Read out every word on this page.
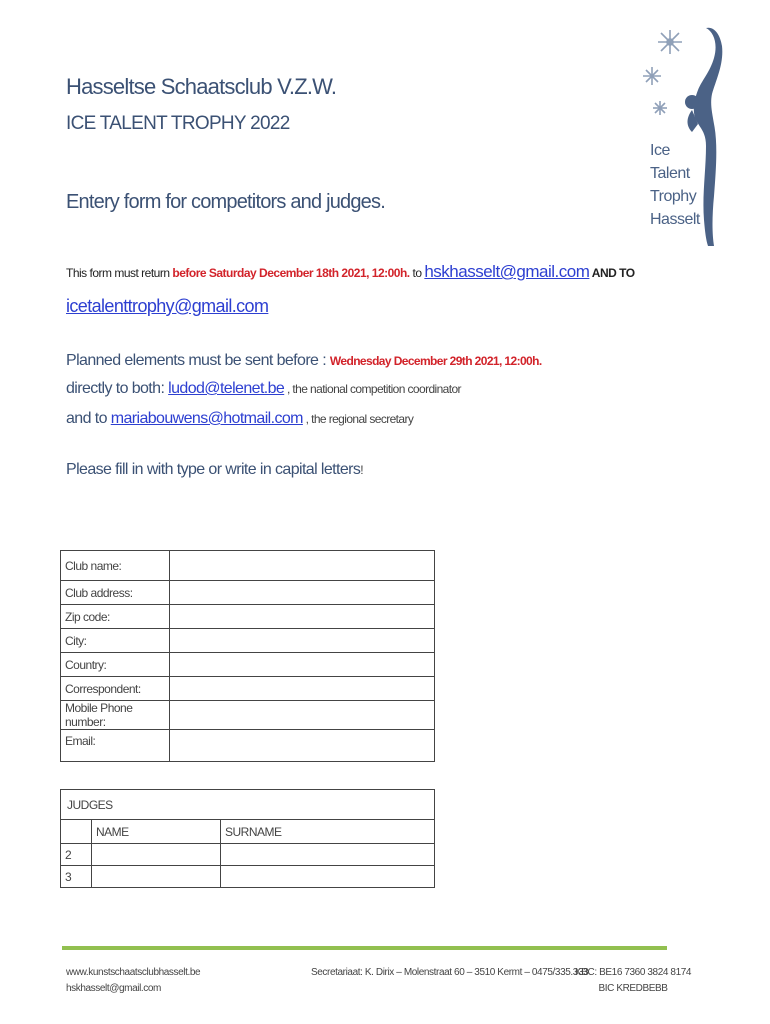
Ice
Talent
Trophy
Hasselt
Hasseltse Schaatsclub V.Z.W.
ICE TALENT TROPHY 2022
Entery form for competitors and judges.
This form must return before Saturday December 18th 2021, 12:00h. to hskhasselt@gmail.com AND TO
icetalenttrophy@gmail.com
Planned elements must be sent before : Wednesday December 29th 2021, 12:00h.
directly to both: ludod@telenet.be , the national competition coordinator
and to mariabouwens@hotmail.com , the regional secretary
Please fill in with type or write in capital letters!
Club name:	
Club address:	
Zip code:	
City:	
Country:	
Correspondent:	
Mobile Phone number:	
Email:	
JUDGES		
	NAME	SURNAME
2		
3		
www.kunstschaatsclubhasselt.be
hskhasselt@gmail.com
Secretariaat: K. Dirix – Molenstraat 60 – 3510 Kermt – 0475/335.333
KBC: BE16 7360 3824 8174
BIC KREDBEBB
